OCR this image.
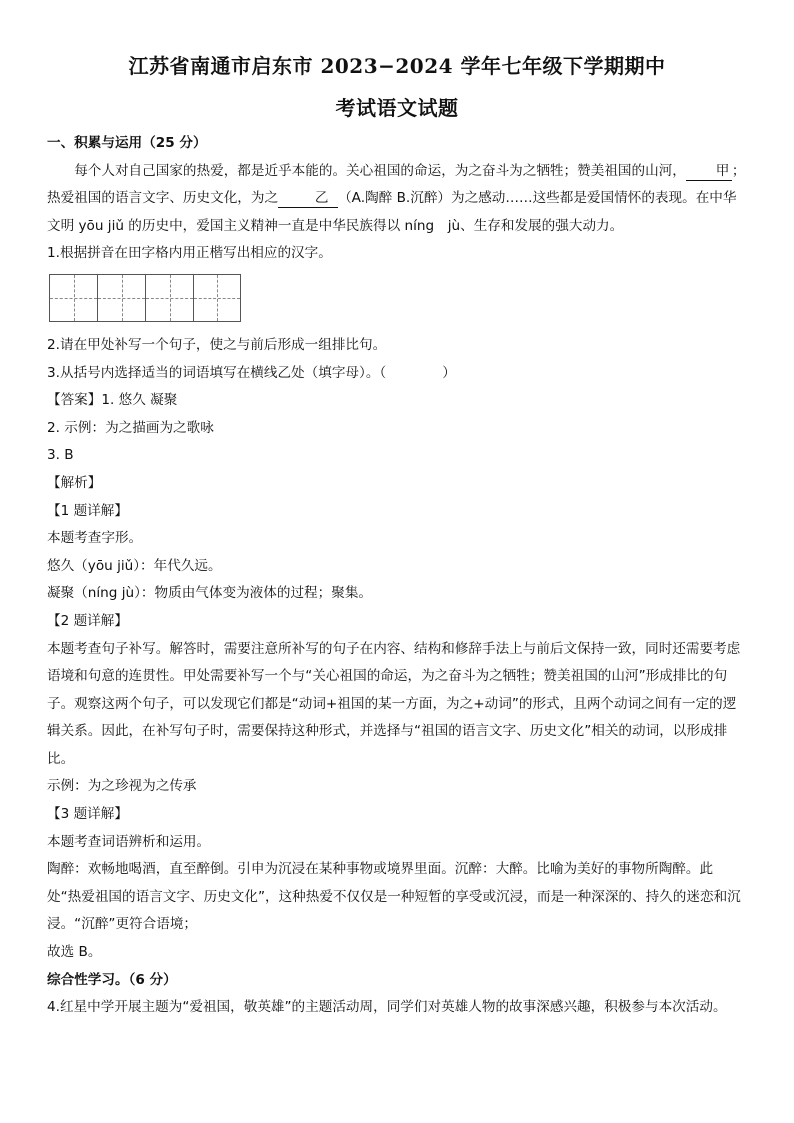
江苏省南通市启东市 2023−2024 学年七年级下学期期中
考试语文试题

一、积累与运用（25 分）

每个人对自己国家的热爱，都是近乎本能的。关心祖国的命运，为之奋斗为之牺牲；赞美祖国的山河， 甲 ；热爱祖国的语言文字、历史文化，为之	乙 （A.陶醉 B.沉醉）为之感动……这些都是爱国情怀的表现。在中华文明 yōu jiǔ 的历史中，爱国主义精神一直是中华民族得以 níng　jù、生存和发展的强大动力。

1.根据拼音在田字格内用正楷写出相应的汉字。

2.请在甲处补写一个句子，使之与前后形成一组排比句。

3.从括号内选择适当的词语填写在横线乙处（填字母）。（	）

【答案】1. 悠久 凝聚

2. 示例：为之描画为之歌咏

3. B

【解析】

【1 题详解】

本题考查字形。

悠久（yōu jiǔ）：年代久远。

凝聚（níng jù）：物质由气体变为液体的过程；聚集。

【2 题详解】

本题考查句子补写。解答时，需要注意所补写的句子在内容、结构和修辞手法上与前后文保持一致，同时还需要考虑语境和句意的连贯性。甲处需要补写一个与“关心祖国的命运，为之奋斗为之牺牲；赞美祖国的山河”形成排比的句子。观察这两个句子，可以发现它们都是“动词+祖国的某一方面，为之+动词”的形式，且两个动词之间有一定的逻辑关系。因此，在补写句子时，需要保持这种形式，并选择与“祖国的语言文字、历史文化”相关的动词，以形成排比。

示例：为之珍视为之传承

【3 题详解】

本题考查词语辨析和运用。

陶醉：欢畅地喝酒，直至醉倒。引申为沉浸在某种事物或境界里面。沉醉：大醉。比喻为美好的事物所陶醉。此处“热爱祖国的语言文字、历史文化”，这种热爱不仅仅是一种短暂的享受或沉浸，而是一种深深的、持久的迷恋和沉浸。“沉醉”更符合语境；

故选 B。

综合性学习。（6 分）

4.红星中学开展主题为“爱祖国，敬英雄”的主题活动周，同学们对英雄人物的故事深感兴趣，积极参与本次活动。
